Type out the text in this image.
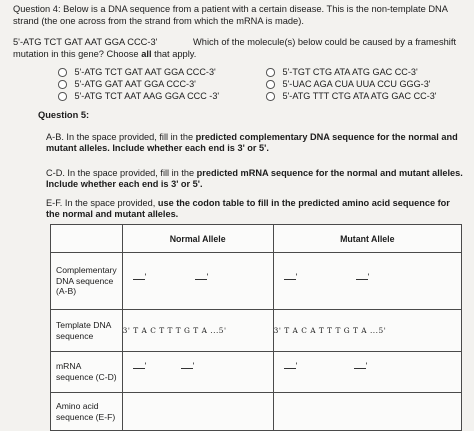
Question 4: Below is a DNA sequence from a patient with a certain disease. This is the non-template DNA strand (the one across from the strand from which the mRNA is made).
Which of the molecule(s) below could be caused by a frameshift mutation in this gene? Choose all that apply.
5'-ATG TCT GAT AAT GGA CCC-3'
5'-ATG TCT GAT AAT GGA CCC-3'
5'-ATG GAT AAT GGA CCC-3'
5'-ATG TCT AAT AAG GGA CCC -3'
5'-TGT CTG ATA ATG GAC CC-3'
5'-UAC AGA CUA UUA CCU GGG-3'
5'-ATG TTT CTG ATA ATG GAC CC-3'
Question 5:
A-B. In the space provided, fill in the predicted complementary DNA sequence for the normal and mutant alleles. Include whether each end is 3' or 5'.
C-D. In the space provided, fill in the predicted mRNA sequence for the normal and mutant alleles. Include whether each end is 3' or 5'.
E-F. In the space provided, use the codon table to fill in the predicted amino acid sequence for the normal and mutant alleles.
	Normal Allele	Mutant Allele
Complementary DNA sequence (A-B)	' '	' '

Template DNA sequence	3' T A C T T T G T A ...5'	3' T A C A T T T G T A ...5'
mRNA sequence (C-D)	' '	' '

Amino acid sequence (E-F)		
